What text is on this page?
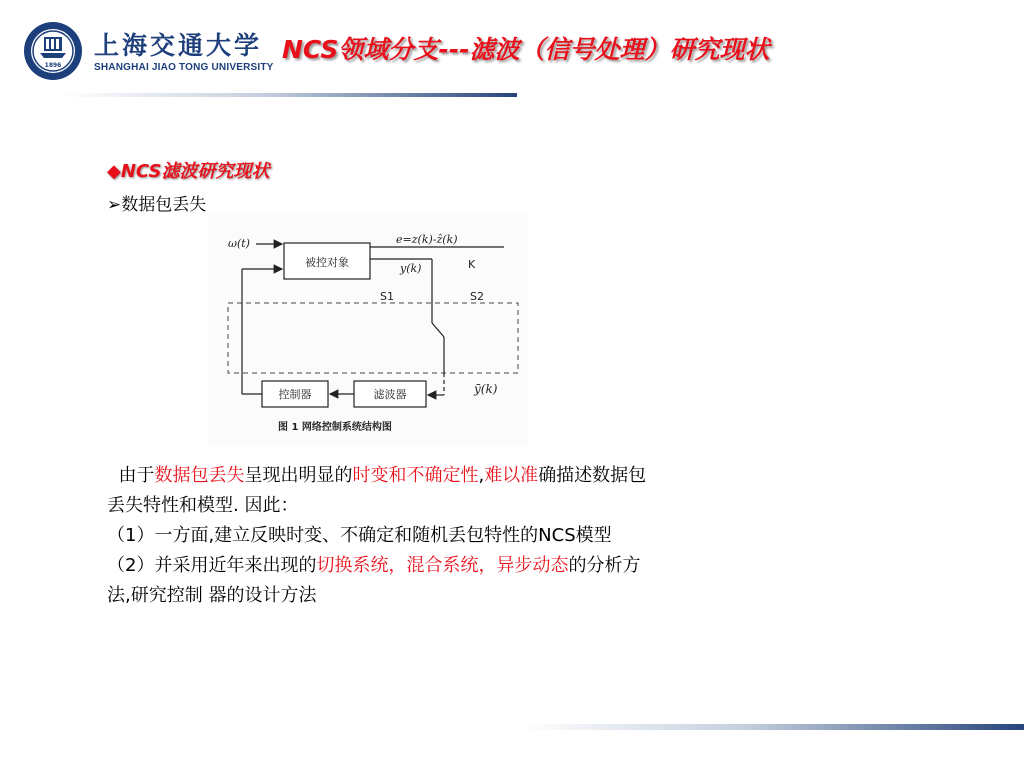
1896
上海交通大学
SHANGHAI JIAO TONG UNIVERSITY
NCS领域分支---滤波（信号处理）研究现状
◆NCS滤波研究现状
➢数据包丢失
ω(t)
被控对象
e=z(k)-ẑ(k)
y(k)	K
S1	S2
ȳ(k)
滤波器
控制器
图 1 网络控制系统结构图

由于数据包丢失呈现出明显的时变和不确定性,难以准确描述数据包

丢失特性和模型. 因此：

（1）一方面,建立反映时变、不确定和随机丢包特性的NCS模型

（2）并采用近年来出现的切换系统，混合系统，异步动态的分析方

法,研究控制 器的设计方法
